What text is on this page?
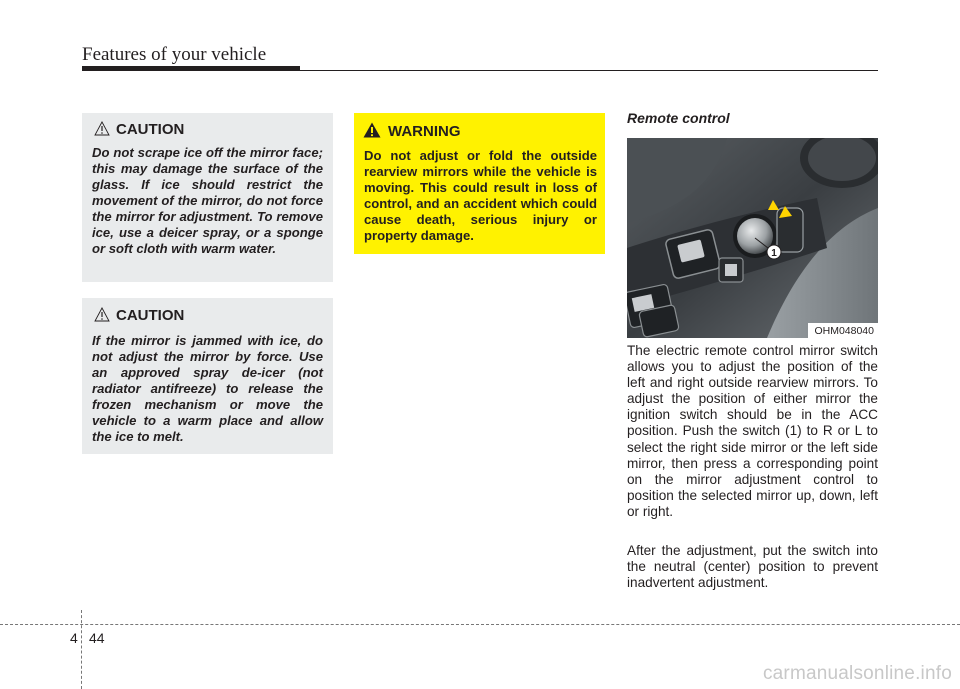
Features of your vehicle
CAUTION

Do not scrape ice off the mirror face; this may damage the surface of the glass. If ice should restrict the movement of the mirror, do not force the mirror for adjustment. To remove ice, use a deicer spray, or a sponge or soft cloth with warm water.

CAUTION

If the mirror is jammed with ice, do not adjust the mirror by force. Use an approved spray de-icer (not radiator antifreeze) to release the frozen mechanism or move the vehicle to a warm place and allow the ice to melt.

WARNING

Do not adjust or fold the outside rearview mirrors while the vehicle is moving. This could result in loss of control, and an accident which could cause death, serious injury or property damage.

Remote control
1
OHM048040

The electric remote control mirror switch allows you to adjust the position of the left and right outside rearview mirrors. To adjust the position of either mirror the ignition switch should be in the ACC position. Push the switch (1) to R or L to select the right side mirror or the left side mirror, then press a corresponding point on the mirror adjustment control to position the selected mirror up, down, left or right.

After the adjustment, put the switch into the neutral (center) position to prevent inadvertent adjustment.

4 44
carmanualsonline.info
